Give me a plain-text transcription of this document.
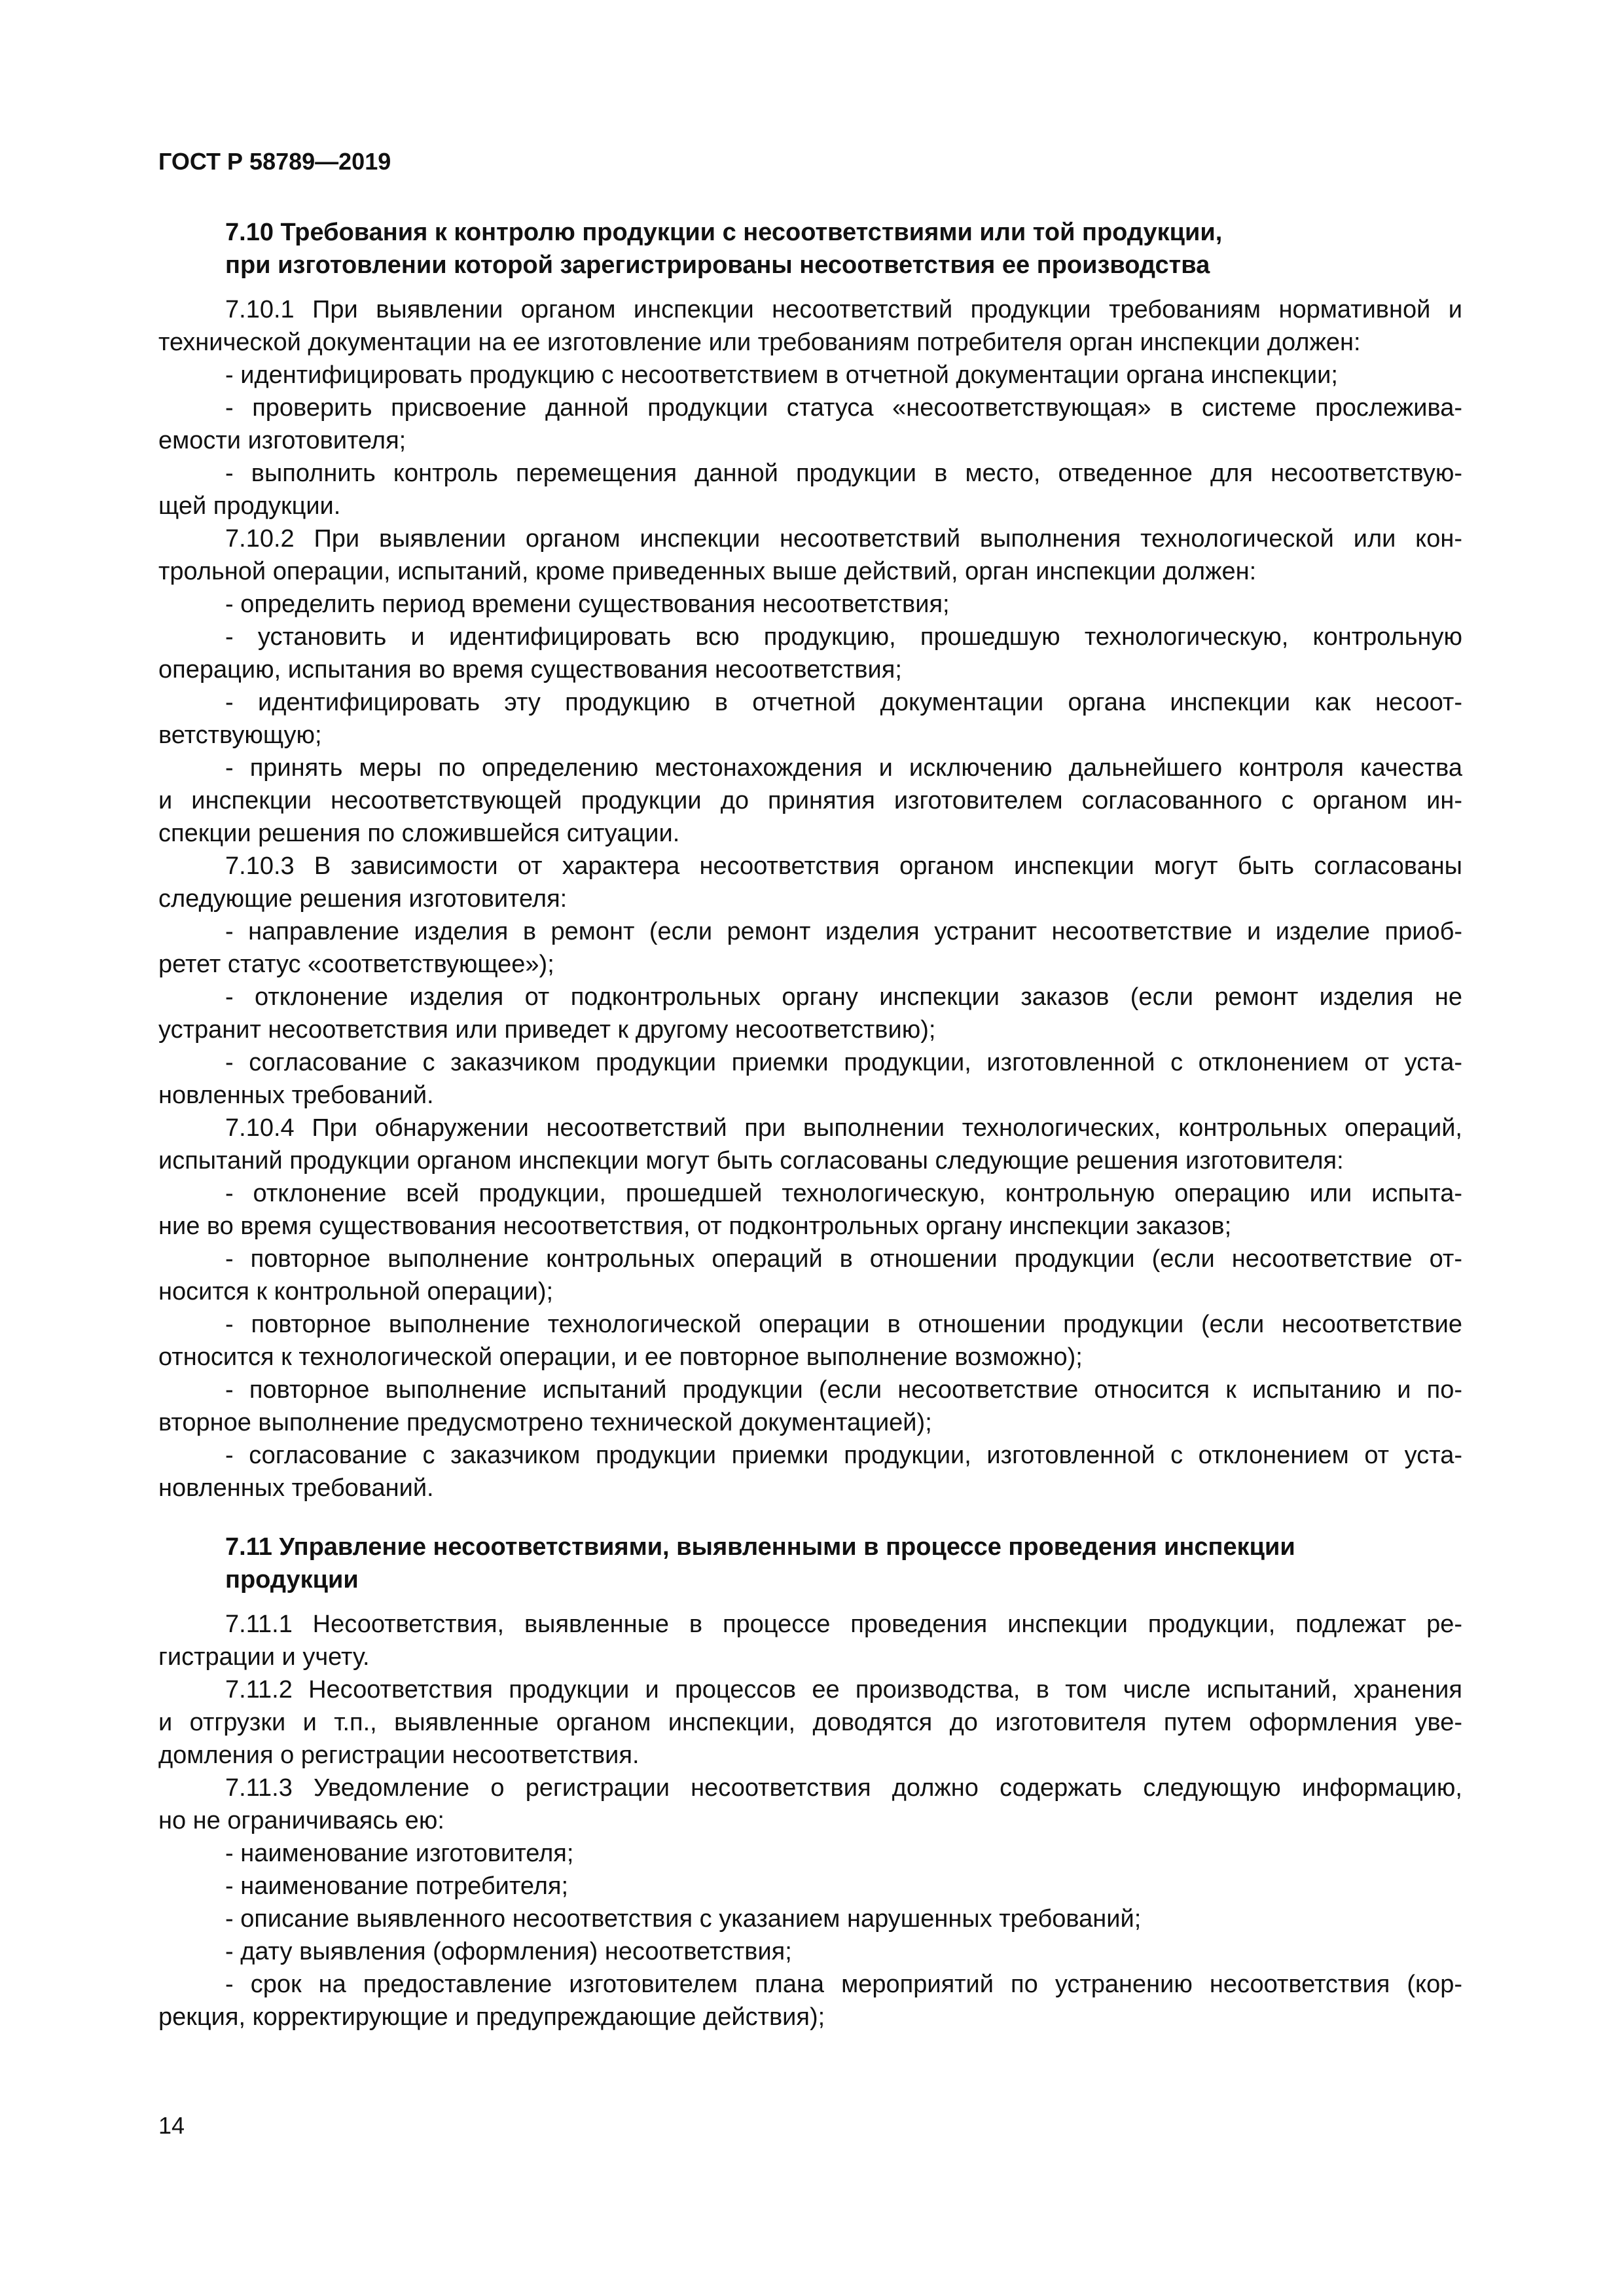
ГОСТ Р 58789—2019
7.10 Требования к контролю продукции с несоответствиями или той продукции,
при изготовлении которой зарегистрированы несоответствия ее производства
7.10.1 При выявлении органом инспекции несоответствий продукции требованиям нормативной и
технической документации на ее изготовление или требованиям потребителя орган инспекции должен:
- идентифицировать продукцию с несоответствием в отчетной документации органа инспекции;
- проверить присвоение данной продукции статуса «несоответствующая» в системе прослежива-
емости изготовителя;
- выполнить контроль перемещения данной продукции в место, отведенное для несоответствую-
щей продукции.
7.10.2 При выявлении органом инспекции несоответствий выполнения технологической или кон-
трольной операции, испытаний, кроме приведенных выше действий, орган инспекции должен:
- определить период времени существования несоответствия;
- установить и идентифицировать всю продукцию, прошедшую технологическую, контрольную
операцию, испытания во время существования несоответствия;
- идентифицировать эту продукцию в отчетной документации органа инспекции как несоот-
ветствующую;
- принять меры по определению местонахождения и исключению дальнейшего контроля качества
и инспекции несоответствующей продукции до принятия изготовителем согласованного с органом ин-
спекции решения по сложившейся ситуации.
7.10.3 В зависимости от характера несоответствия органом инспекции могут быть согласованы
следующие решения изготовителя:
- направление изделия в ремонт (если ремонт изделия устранит несоответствие и изделие приоб-
ретет статус «соответствующее»);
- отклонение изделия от подконтрольных органу инспекции заказов (если ремонт изделия не
устранит несоответствия или приведет к другому несоответствию);
- согласование с заказчиком продукции приемки продукции, изготовленной с отклонением от уста-
новленных требований.
7.10.4 При обнаружении несоответствий при выполнении технологических, контрольных операций,
испытаний продукции органом инспекции могут быть согласованы следующие решения изготовителя:
- отклонение всей продукции, прошедшей технологическую, контрольную операцию или испыта-
ние во время существования несоответствия, от подконтрольных органу инспекции заказов;
- повторное выполнение контрольных операций в отношении продукции (если несоответствие от-
носится к контрольной операции);
- повторное выполнение технологической операции в отношении продукции (если несоответствие
относится к технологической операции, и ее повторное выполнение возможно);
- повторное выполнение испытаний продукции (если несоответствие относится к испытанию и по-
вторное выполнение предусмотрено технической документацией);
- согласование с заказчиком продукции приемки продукции, изготовленной с отклонением от уста-
новленных требований.
7.11 Управление несоответствиями, выявленными в процессе проведения инспекции
продукции
7.11.1 Несоответствия, выявленные в процессе проведения инспекции продукции, подлежат ре-
гистрации и учету.
7.11.2 Несоответствия продукции и процессов ее производства, в том числе испытаний, хранения
и отгрузки и т.п., выявленные органом инспекции, доводятся до изготовителя путем оформления уве-
домления о регистрации несоответствия.
7.11.3 Уведомление о регистрации несоответствия должно содержать следующую информацию,
но не ограничиваясь ею:
- наименование изготовителя;
- наименование потребителя;
- описание выявленного несоответствия с указанием нарушенных требований;
- дату выявления (оформления) несоответствия;
- срок на предоставление изготовителем плана мероприятий по устранению несоответствия (кор-
рекция, корректирующие и предупреждающие действия);
14
